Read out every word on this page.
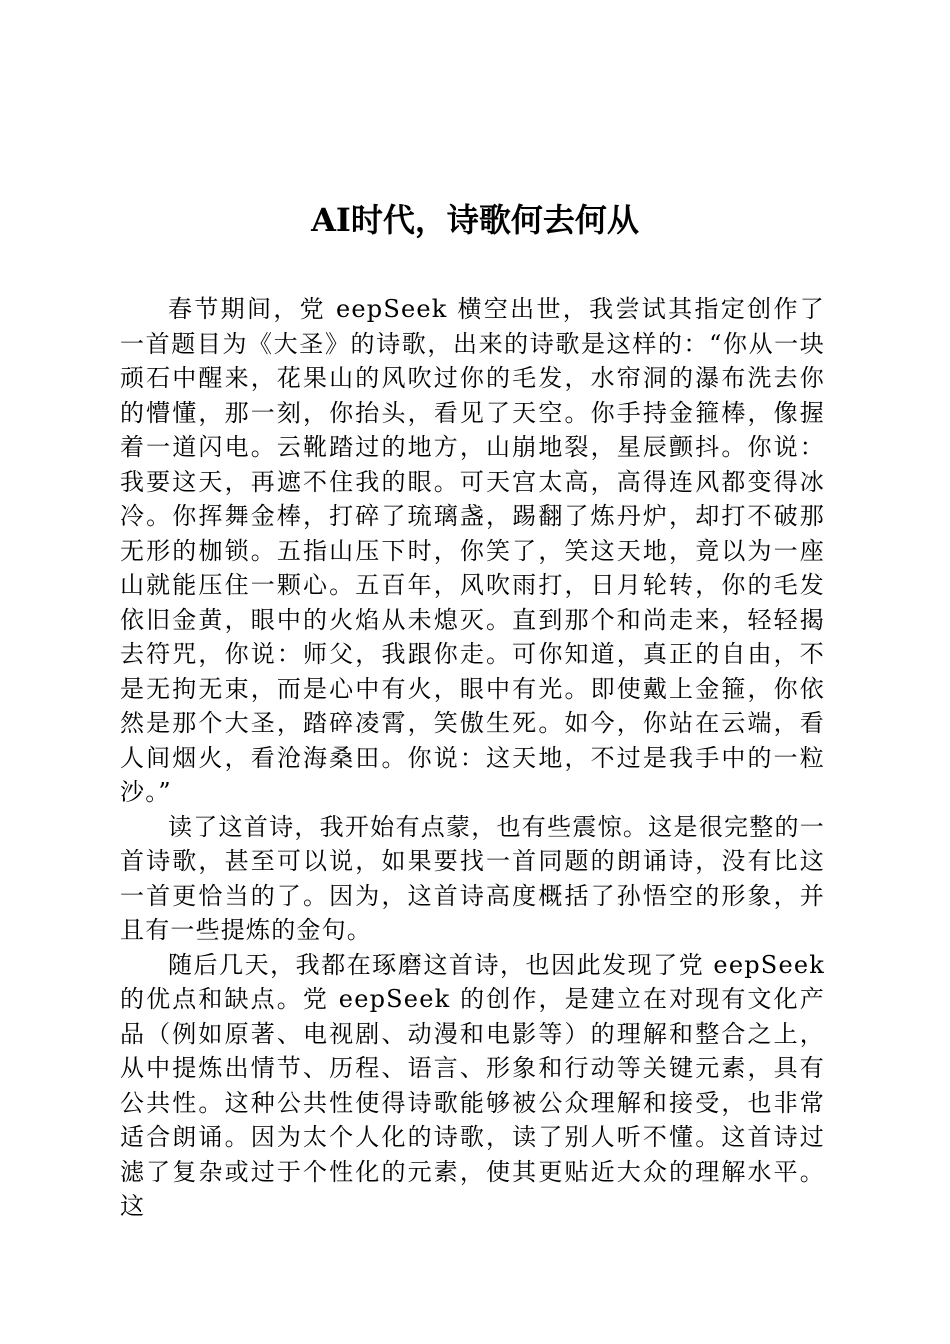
AI时代，诗歌何去何从

春节期间，党 eepSeek 横空出世，我尝试其指定创作了一首题目为《大圣》的诗歌，出来的诗歌是这样的：“你从一块顽石中醒来，花果山的风吹过你的毛发，水帘洞的瀑布洗去你的懵懂，那一刻，你抬头，看见了天空。你手持金箍棒，像握着一道闪电。云靴踏过的地方，山崩地裂，星辰颤抖。你说：我要这天，再遮不住我的眼。可天宫太高，高得连风都变得冰冷。你挥舞金棒，打碎了琉璃盏，踢翻了炼丹炉，却打不破那无形的枷锁。五指山压下时，你笑了，笑这天地，竟以为一座山就能压住一颗心。五百年，风吹雨打，日月轮转，你的毛发依旧金黄，眼中的火焰从未熄灭。直到那个和尚走来，轻轻揭去符咒，你说：师父，我跟你走。可你知道，真正的自由，不是无拘无束，而是心中有火，眼中有光。即使戴上金箍，你依然是那个大圣，踏碎凌霄，笑傲生死。如今，你站在云端，看人间烟火，看沧海桑田。你说：这天地，不过是我手中的一粒沙。”

读了这首诗，我开始有点蒙，也有些震惊。这是很完整的一首诗歌，甚至可以说，如果要找一首同题的朗诵诗，没有比这一首更恰当的了。因为，这首诗高度概括了孙悟空的形象，并且有一些提炼的金句。

随后几天，我都在琢磨这首诗，也因此发现了党 eepSeek 的优点和缺点。党 eepSeek 的创作，是建立在对现有文化产品（例如原著、电视剧、动漫和电影等）的理解和整合之上，从中提炼出情节、历程、语言、形象和行动等关键元素，具有公共性。这种公共性使得诗歌能够被公众理解和接受，也非常适合朗诵。因为太个人化的诗歌，读了别人听不懂。这首诗过滤了复杂或过于个性化的元素，使其更贴近大众的理解水平。这
